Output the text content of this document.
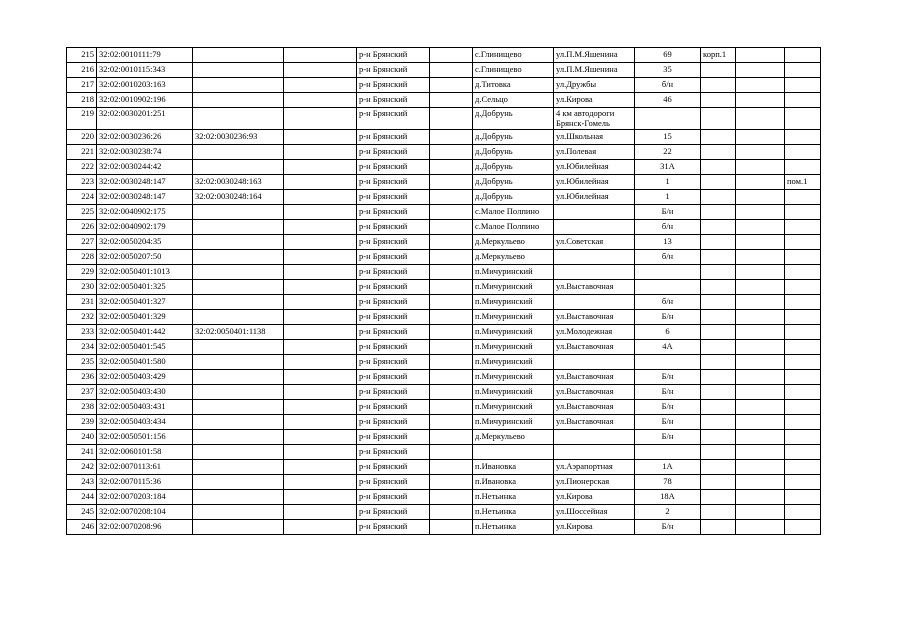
215	32:02:0010111:79			р-н Брянский		с.Глинищево	ул.П.М.Яшенина	69	корп.1		
216	32:02:0010115:343			р-н Брянский		с.Глинищево	ул.П.М.Яшенина	35			
217	32:02:0010203:163			р-н Брянский		д.Титовка	ул.Дружбы	б/н			
218	32:02:0010902:196			р-н Брянский		д.Сельцо	ул.Кирова	46			
219	32:02:0030201:251			р-н Брянский		д.Добрунь	4 км автодороги Брянск-Гомель				
220	32:02:0030236:26	32:02:0030236:93		р-н Брянский		д.Добрунь	ул.Школьная	15			
221	32:02:0030238:74			р-н Брянский		д.Добрунь	ул.Полевая	22			
222	32:02:0030244:42			р-н Брянский		д.Добрунь	ул.Юбилейная	31А			
223	32:02:0030248:147	32:02:0030248:163		р-н Брянский		д.Добрунь	ул.Юбилейная	1			пом.1
224	32:02:0030248:147	32:02:0030248:164		р-н Брянский		д.Добрунь	ул.Юбилейная	1			
225	32:02:0040902:175			р-н Брянский		с.Малое Полпино		Б/н			
226	32:02:0040902:179			р-н Брянский		с.Малое Полпино		б/н			
227	32:02:0050204:35			р-н Брянский		д.Меркульево	ул.Советская	13			
228	32:02:0050207:50			р-н Брянский		д.Меркульево		б/н			
229	32:02:0050401:1013			р-н Брянский		п.Мичуринский					
230	32:02:0050401:325			р-н Брянский		п.Мичуринский	ул.Выставочная				
231	32:02:0050401:327			р-н Брянский		п.Мичуринский		б/н			
232	32:02:0050401:329			р-н Брянский		п.Мичуринский	ул.Выставочная	Б/н			
233	32:02:0050401:442	32:02:0050401:1138		р-н Брянский		п.Мичуринский	ул.Молодежная	6			
234	32:02:0050401:545			р-н Брянский		п.Мичуринский	ул.Выставочная	4А			
235	32:02:0050401:580			р-н Брянский		п.Мичуринский					
236	32:02:0050403:429			р-н Брянский		п.Мичуринский	ул.Выставочная	Б/н			
237	32:02:0050403:430			р-н Брянский		п.Мичуринский	ул.Выставочная	Б/н			
238	32:02:0050403:431			р-н Брянский		п.Мичуринский	ул.Выставочная	Б/н			
239	32:02:0050403:434			р-н Брянский		п.Мичуринский	ул.Выставочная	Б/н			
240	32:02:0050501:156			р-н Брянский		д.Меркульево		Б/н			
241	32:02:0060101:58			р-н Брянский							
242	32:02:0070113:61			р-н Брянский		п.Ивановка	ул.Аэрапортная	1А			
243	32:02:0070115:36			р-н Брянский		п.Ивановка	ул.Пионерская	78			
244	32:02:0070203:184			р-н Брянский		п.Нетьинка	ул.Кирова	18А			
245	32:02:0070208:104			р-н Брянский		п.Нетьинка	ул.Шоссейная	2			
246	32:02:0070208:96			р-н Брянский		п.Нетьинка	ул.Кирова	Б/н			
